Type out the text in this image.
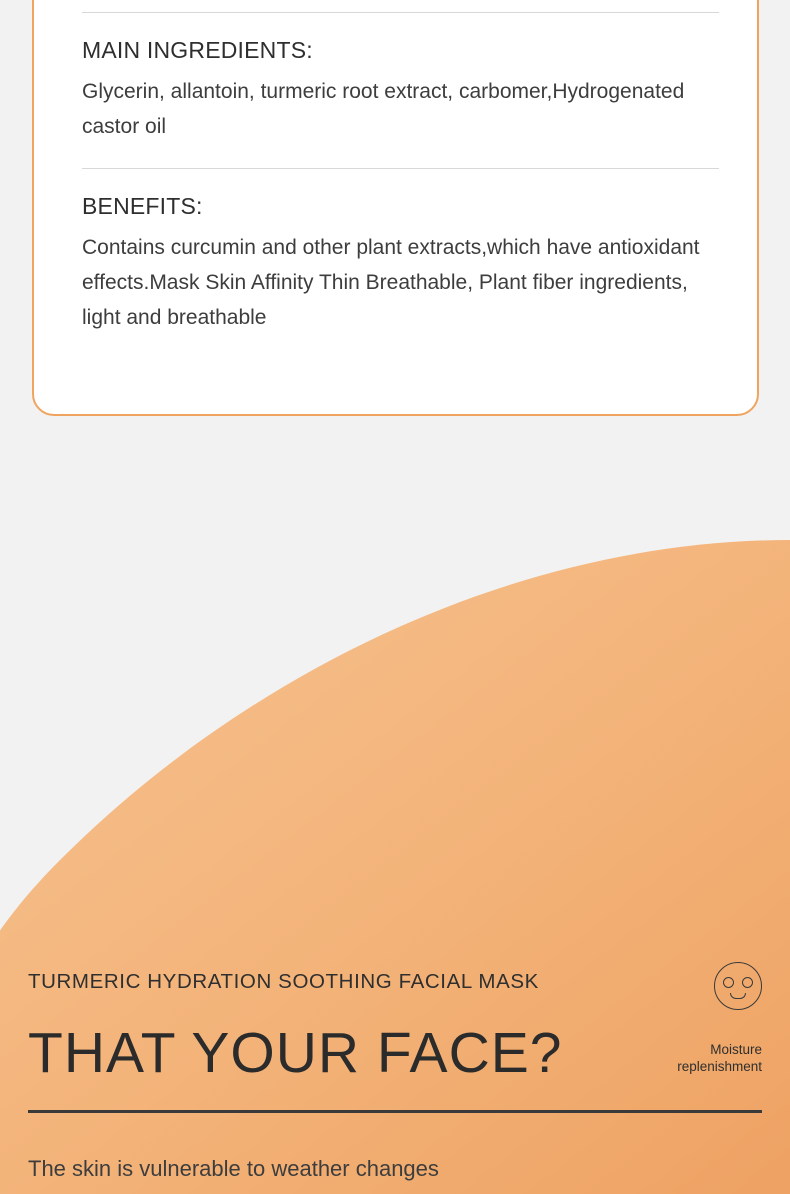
MAIN INGREDIENTS:
Glycerin, allantoin, turmeric root extract, carbomer,Hydrogenated castor oil
BENEFITS:
Contains curcumin and other plant extracts,which have antioxidant effects.Mask Skin Affinity Thin Breathable, Plant fiber ingredients, light and breathable
TURMERIC HYDRATION SOOTHING FACIAL MASK
THAT YOUR FACE?
The skin is vulnerable to weather changes
Moisture
replenishment
